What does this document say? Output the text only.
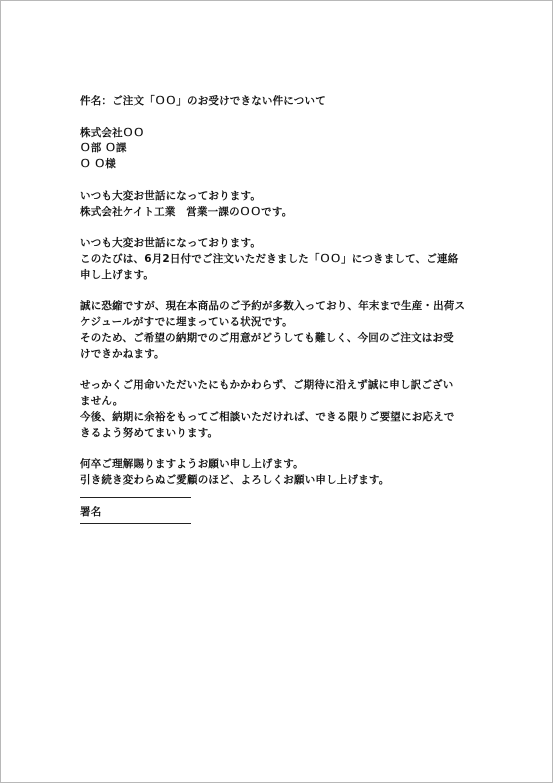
件名：ご注文「ＯＯ」のお受けできない件について
株式会社ＯＯ
Ｏ部 Ｏ課
Ｏ Ｏ様
いつも大変お世話になっております。
株式会社ケイト工業　営業一課のＯＯです。
いつも大変お世話になっております。
このたびは、6月2日付でご注文いただきました「ＯＯ」につきまして、ご連絡
申し上げます。
誠に恐縮ですが、現在本商品のご予約が多数入っており、年末まで生産・出荷ス
ケジュールがすでに埋まっている状況です。
そのため、ご希望の納期でのご用意がどうしても難しく、今回のご注文はお受
けできかねます。
せっかくご用命いただいたにもかかわらず、ご期待に沿えず誠に申し訳ござい
ません。
今後、納期に余裕をもってご相談いただければ、できる限りご要望にお応えで
きるよう努めてまいります。
何卒ご理解賜りますようお願い申し上げます。
引き続き変わらぬご愛顧のほど、よろしくお願い申し上げます。
署名
